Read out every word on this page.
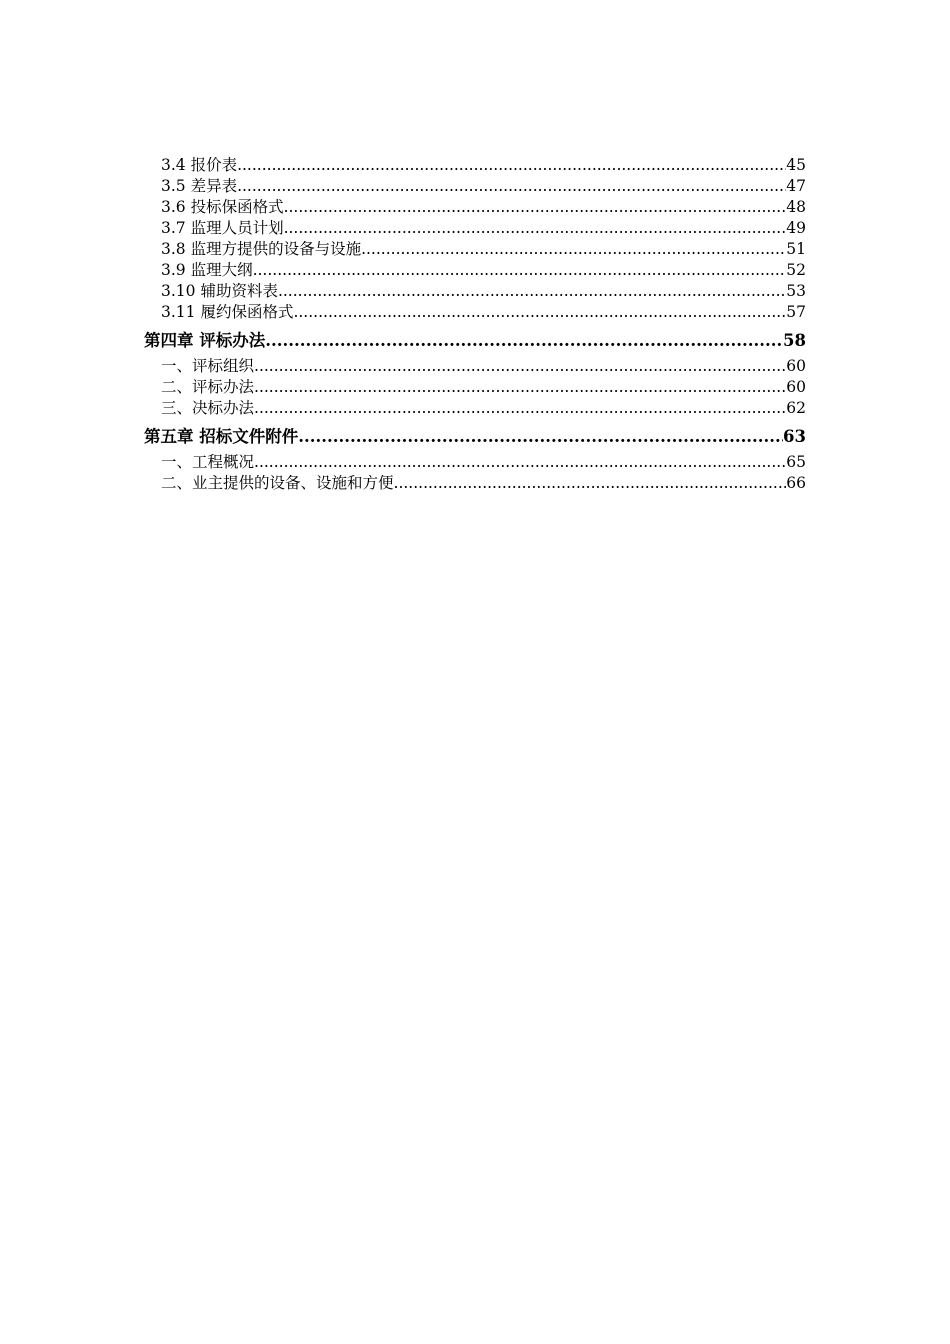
3.4 报价表 .....	45
3.5 差异表 .....	47
3.6 投标保函格式 .....	48
3.7 监理人员计划 .....	49
3.8 监理方提供的设备与设施 .....	51
3.9 监理大纲 .....	52
3.10 辅助资料表 .....	53
3.11 履约保函格式 .....	57
第四章 评标办法 .....	58
一、评标组织 .....	60
二、评标办法 .....	60
三、决标办法 .....	62
第五章 招标文件附件 .....	63
一、工程概况 .....	65
二、业主提供的设备、设施和方便 .....	66
